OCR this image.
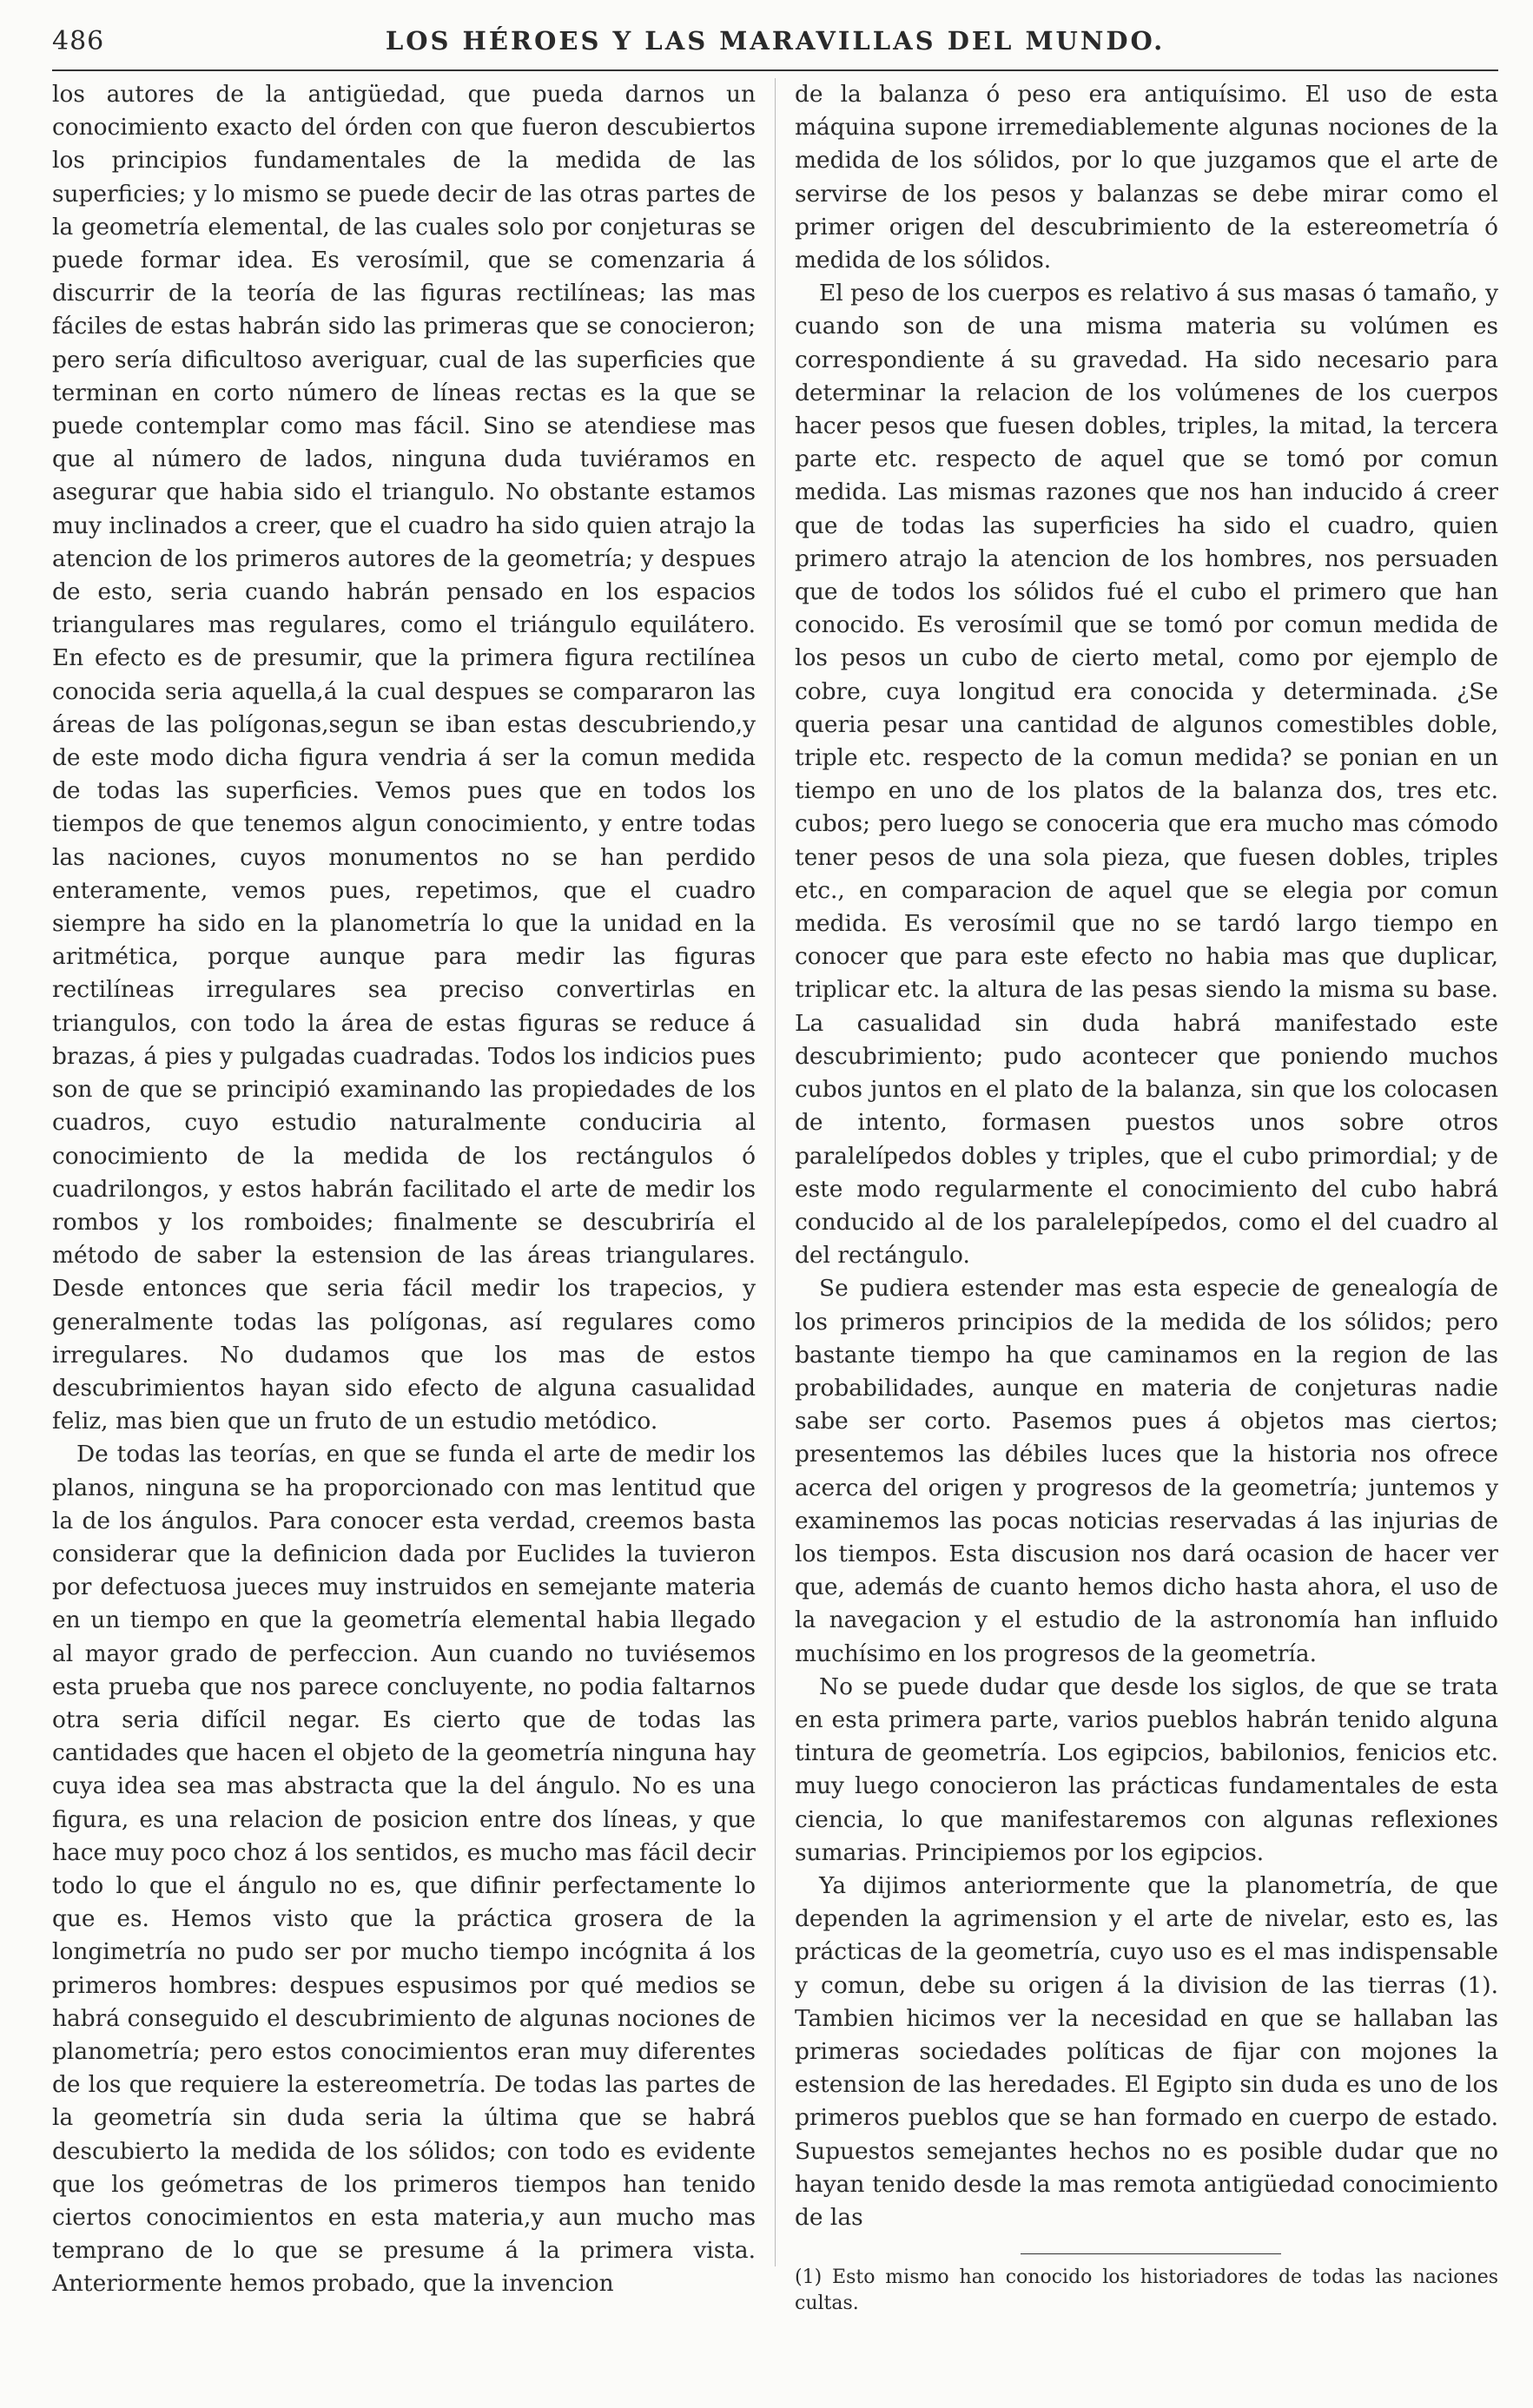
486	LOS HÉROES Y LAS MARAVILLAS DEL MUNDO.

los autores de la antigüedad, que pueda darnos un conocimiento exacto del órden con que fueron descubiertos los principios fundamentales de la medida de las superficies; y lo mismo se puede decir de las otras partes de la geometría elemental, de las cuales solo por conjeturas se puede formar idea. Es verosímil, que se comenzaria á discurrir de la teoría de las figuras rectilíneas; las mas fáciles de estas habrán sido las primeras que se conocieron; pero sería dificultoso averiguar, cual de las superficies que terminan en corto número de líneas rectas es la que se puede contemplar como mas fácil. Sino se atendiese mas que al número de lados, ninguna duda tuviéramos en asegurar que habia sido el triangulo. No obstante estamos muy inclinados a creer, que el cuadro ha sido quien atrajo la atencion de los primeros autores de la geometría; y despues de esto, seria cuando habrán pensado en los espacios triangulares mas regulares, como el triángulo equilátero. En efecto es de presumir, que la primera figura rectilínea conocida seria aquella,á la cual despues se compararon las áreas de las polígonas,segun se iban estas descubriendo,y de este modo dicha figura vendria á ser la comun medida de todas las superficies. Vemos pues que en todos los tiempos de que tenemos algun conocimiento, y entre todas las naciones, cuyos monumentos no se han perdido enteramente, vemos pues, repetimos, que el cuadro siempre ha sido en la planometría lo que la unidad en la aritmética, porque aunque para medir las figuras rectilíneas irregulares sea preciso convertirlas en triangulos, con todo la área de estas figuras se reduce á brazas, á pies y pulgadas cuadradas. Todos los indicios pues son de que se principió examinando las propiedades de los cuadros, cuyo estudio naturalmente conduciria al conocimiento de la medida de los rectángulos ó cuadrilongos, y estos habrán facilitado el arte de medir los rombos y los romboides; finalmente se descubriría el método de saber la estension de las áreas triangulares. Desde entonces que seria fácil medir los trapecios, y generalmente todas las polígonas, así regulares como irregulares. No dudamos que los mas de estos descubrimientos hayan sido efecto de alguna casualidad feliz, mas bien que un fruto de un estudio metódico.

De todas las teorías, en que se funda el arte de medir los planos, ninguna se ha proporcionado con mas lentitud que la de los ángulos. Para conocer esta verdad, creemos basta considerar que la definicion dada por Euclides la tuvieron por defectuosa jueces muy instruidos en semejante materia en un tiempo en que la geometría elemental habia llegado al mayor grado de perfeccion. Aun cuando no tuviésemos esta prueba que nos parece concluyente, no podia faltarnos otra seria difícil negar. Es cierto que de todas las cantidades que hacen el objeto de la geometría ninguna hay cuya idea sea mas abstracta que la del ángulo. No es una figura, es una relacion de posicion entre dos líneas, y que hace muy poco choz á los sentidos, es mucho mas fácil decir todo lo que el ángulo no es, que difinir perfectamente lo que es. Hemos visto que la práctica grosera de la longimetría no pudo ser por mucho tiempo incógnita á los primeros hombres: despues espusimos por qué medios se habrá conseguido el descubrimiento de algunas nociones de planometría; pero estos conocimientos eran muy diferentes de los que requiere la estereometría. De todas las partes de la geometría sin duda seria la última que se habrá descubierto la medida de los sólidos; con todo es evidente que los geómetras de los primeros tiempos han tenido ciertos conocimientos en esta materia,y aun mucho mas temprano de lo que se presume á la primera vista. Anteriormente hemos probado, que la invencion

de la balanza ó peso era antiquísimo. El uso de esta máquina supone irremediablemente algunas nociones de la medida de los sólidos, por lo que juzgamos que el arte de servirse de los pesos y balanzas se debe mirar como el primer origen del descubrimiento de la estereometría ó medida de los sólidos.

El peso de los cuerpos es relativo á sus masas ó tamaño, y cuando son de una misma materia su volúmen es correspondiente á su gravedad. Ha sido necesario para determinar la relacion de los volúmenes de los cuerpos hacer pesos que fuesen dobles, triples, la mitad, la tercera parte etc. respecto de aquel que se tomó por comun medida. Las mismas razones que nos han inducido á creer que de todas las superficies ha sido el cuadro, quien primero atrajo la atencion de los hombres, nos persuaden que de todos los sólidos fué el cubo el primero que han conocido. Es verosímil que se tomó por comun medida de los pesos un cubo de cierto metal, como por ejemplo de cobre, cuya longitud era conocida y determinada. ¿Se queria pesar una cantidad de algunos comestibles doble, triple etc. respecto de la comun medida? se ponian en un tiempo en uno de los platos de la balanza dos, tres etc. cubos; pero luego se conoceria que era mucho mas cómodo tener pesos de una sola pieza, que fuesen dobles, triples etc., en comparacion de aquel que se elegia por comun medida. Es verosímil que no se tardó largo tiempo en conocer que para este efecto no habia mas que duplicar, triplicar etc. la altura de las pesas siendo la misma su base. La casualidad sin duda habrá manifestado este descubrimiento; pudo acontecer que poniendo muchos cubos juntos en el plato de la balanza, sin que los colocasen de intento, formasen puestos unos sobre otros paralelípedos dobles y triples, que el cubo primordial; y de este modo regularmente el conocimiento del cubo habrá conducido al de los paralelepípedos, como el del cuadro al del rectángulo.

Se pudiera estender mas esta especie de genealogía de los primeros principios de la medida de los sólidos; pero bastante tiempo ha que caminamos en la region de las probabilidades, aunque en materia de conjeturas nadie sabe ser corto. Pasemos pues á objetos mas ciertos; presentemos las débiles luces que la historia nos ofrece acerca del origen y progresos de la geometría; juntemos y examinemos las pocas noticias reservadas á las injurias de los tiempos. Esta discusion nos dará ocasion de hacer ver que, además de cuanto hemos dicho hasta ahora, el uso de la navegacion y el estudio de la astronomía han influido muchísimo en los progresos de la geometría.

No se puede dudar que desde los siglos, de que se trata en esta primera parte, varios pueblos habrán tenido alguna tintura de geometría. Los egipcios, babilonios, fenicios etc. muy luego conocieron las prácticas fundamentales de esta ciencia, lo que manifestaremos con algunas reflexiones sumarias. Principiemos por los egipcios.

Ya dijimos anteriormente que la planometría, de que dependen la agrimension y el arte de nivelar, esto es, las prácticas de la geometría, cuyo uso es el mas indispensable y comun, debe su origen á la division de las tierras (1). Tambien hicimos ver la necesidad en que se hallaban las primeras sociedades políticas de fijar con mojones la estension de las heredades. El Egipto sin duda es uno de los primeros pueblos que se han formado en cuerpo de estado. Supuestos semejantes hechos no es posible dudar que no hayan tenido desde la mas remota antigüedad conocimiento de las

(1) Esto mismo han conocido los historiadores de todas las naciones cultas.
